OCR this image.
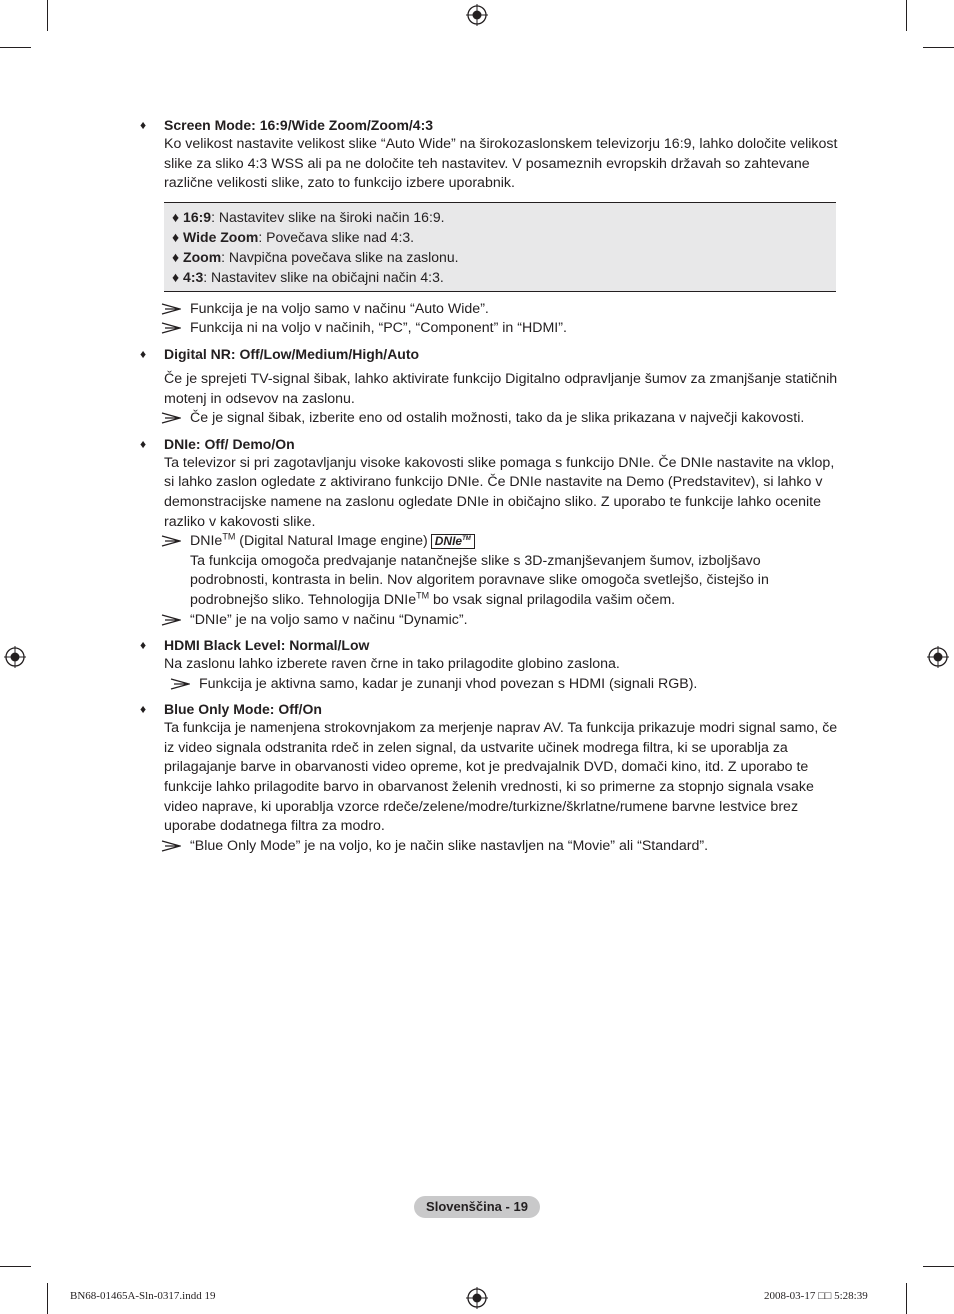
♦ Screen Mode: 16:9/Wide Zoom/Zoom/4:3
Ko velikost nastavite velikost slike “Auto Wide” na širokozaslonskem televizorju 16:9, lahko določite velikost slike za sliko 4:3 WSS ali pa ne določite teh nastavitev. V posameznih evropskih državah so zahtevane različne velikosti slike, zato to funkcijo izbere uporabnik.
♦ 16:9: Nastavitev slike na široki način 16:9.
♦ Wide Zoom: Povečava slike nad 4:3.
♦ Zoom: Navpična povečava slike na zaslonu.
♦ 4:3: Nastavitev slike na običajni način 4:3.
Funkcija je na voljo samo v načinu “Auto Wide”.
Funkcija ni na voljo v načinih, “PC”, “Component” in “HDMI”.
♦ Digital NR: Off/Low/Medium/High/Auto
Če je sprejeti TV-signal šibak, lahko aktivirate funkcijo Digitalno odpravljanje šumov za zmanjšanje statičnih motenj in odsevov na zaslonu.
Če je signal šibak, izberite eno od ostalih možnosti, tako da je slika prikazana v največji kakovosti.
♦ DNIe: Off/ Demo/On
Ta televizor si pri zagotavljanju visoke kakovosti slike pomaga s funkcijo DNIe. Če DNIe nastavite na vklop, si lahko zaslon ogledate z aktivirano funkcijo DNIe. Če DNIe nastavite na Demo (Predstavitev), si lahko v demonstracijske namene na zaslonu ogledate DNIe in običajno sliko. Z uporabo te funkcije lahko ocenite razliko v kakovosti slike.
DNIe™ (Digital Natural Image engine) DNIe™
Ta funkcija omogoča predvajanje natančnejše slike s 3D-zmanjševanjem šumov, izboljšavo podrobnosti, kontrasta in belin. Nov algoritem poravnave slike omogoča svetlejšo, čistejšo in podrobnejšo sliko. Tehnologija DNIe™ bo vsak signal prilagodila vašim očem.
“DNIe” je na voljo samo v načinu “Dynamic”.
♦ HDMI Black Level: Normal/Low
Na zaslonu lahko izberete raven črne in tako prilagodite globino zaslona.
Funkcija je aktivna samo, kadar je zunanji vhod povezan s HDMI (signali RGB).
♦ Blue Only Mode: Off/On
Ta funkcija je namenjena strokovnjakom za merjenje naprav AV. Ta funkcija prikazuje modri signal samo, če iz video signala odstranita rdeč in zelen signal, da ustvarite učinek modrega filtra, ki se uporablja za prilagajanje barve in obarvanosti video opreme, kot je predvajalnik DVD, domači kino, itd. Z uporabo te funkcije lahko prilagodite barvo in obarvanost želenih vrednosti, ki so primerne za stopnjo signala vsake video naprave, ki uporablja vzorce rdeče/zelene/modre/turkizne/škrlatne/rumene barvne lestvice brez uporabe dodatnega filtra za modro.
“Blue Only Mode” je na voljo, ko je način slike nastavljen na “Movie” ali “Standard”.
Slovenščina - 19
BN68-01465A-Sln-0317.indd 19	2008-03-17 □□ 5:28:39
